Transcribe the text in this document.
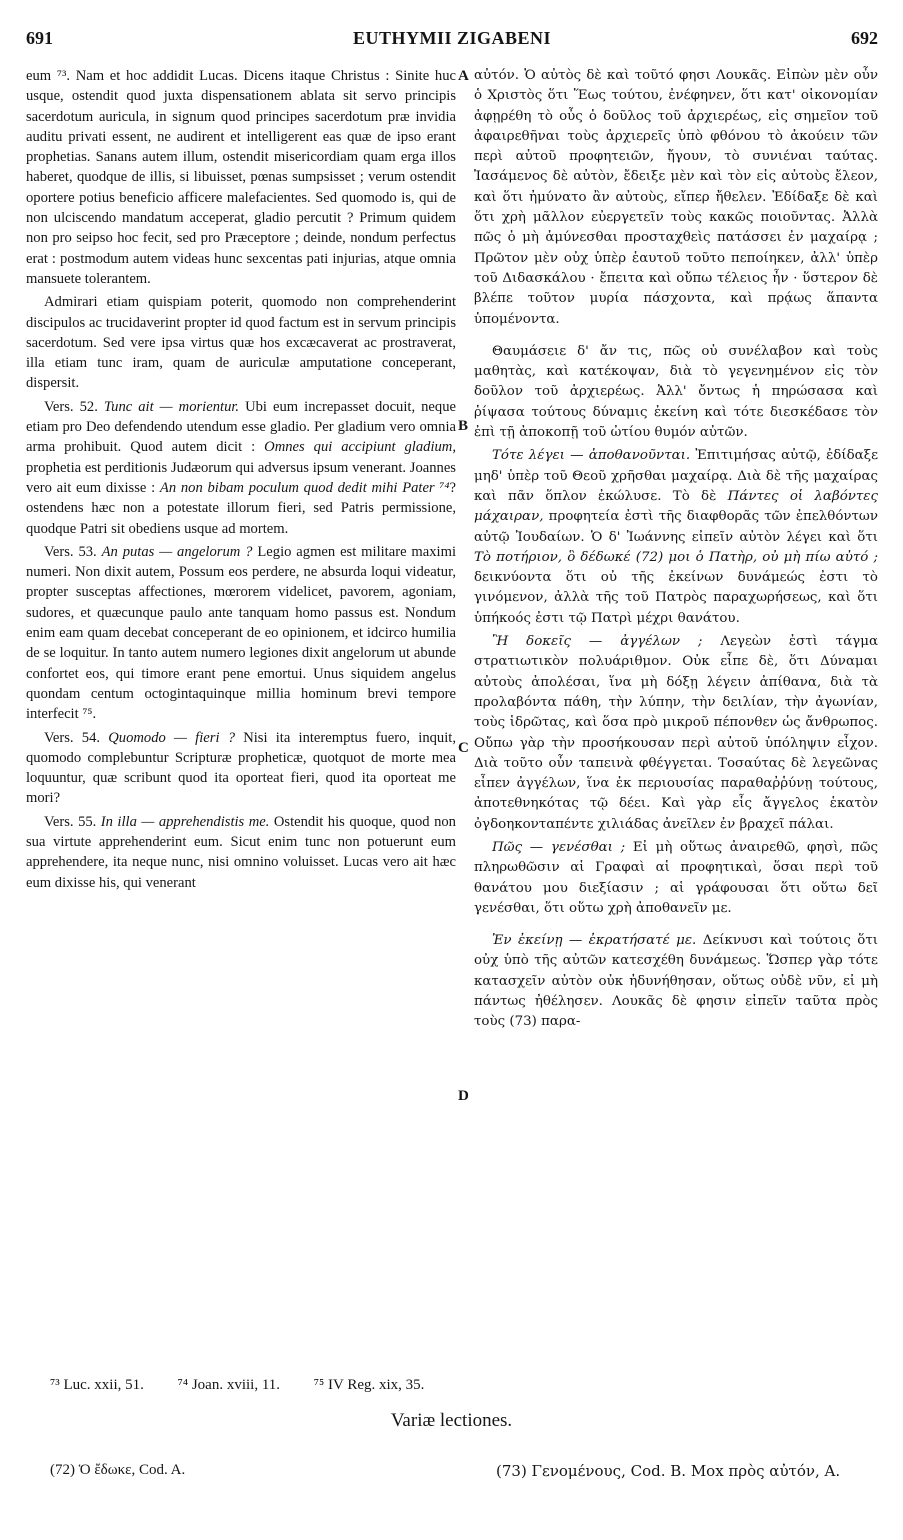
691	EUTHYMII ZIGABENI	692

eum ⁷³. Nam et hoc addidit Lucas. Dicens itaque Christus : Sinite huc usque, ostendit quod juxta dispensationem ablata sit servo principis sacerdotum auricula, in signum quod principes sacerdotum præ invidia auditu privati essent, ne audirent et intelligerent eas quæ de ipso erant prophetias. Sanans autem illum, ostendit misericordiam quam erga illos haberet, quodque de illis, si libuisset, pœnas sumpsisset ; verum ostendit oportere potius beneficio afficere malefacientes. Sed quomodo is, qui de non ulciscendo mandatum acceperat, gladio percutit ? Primum quidem non pro seipso hoc fecit, sed pro Præceptore ; deinde, nondum perfectus erat : postmodum autem videas hunc sexcentas pati injurias, atque omnia mansuete tolerantem.

Admirari etiam quispiam poterit, quomodo non comprehenderint discipulos ac trucidaverint propter id quod factum est in servum principis sacerdotum. Sed vere ipsa virtus quæ hos excæcaverat ac prostraverat, illa etiam tunc iram, quam de auriculæ amputatione conceperant, dispersit.

Vers. 52. Tunc ait — morientur. Ubi eum increpasset docuit, neque etiam pro Deo defendendo utendum esse gladio. Per gladium vero omnia arma prohibuit. Quod autem dicit : Omnes qui accipiunt gladium, prophetia est perditionis Judæorum qui adversus ipsum venerant. Joannes vero ait eum dixisse : An non bibam poculum quod dedit mihi Pater ⁷⁴? ostendens hæc non a potestate illorum fieri, sed Patris permissione, quodque Patri sit obediens usque ad mortem.

Vers. 53. An putas — angelorum ? Legio agmen est militare maximi numeri. Non dixit autem, Possum eos perdere, ne absurda loqui videatur, propter susceptas affectiones, mœrorem videlicet, pavorem, agoniam, sudores, et quæcunque paulo ante tanquam homo passus est. Nondum enim eam quam decebat conceperant de eo opinionem, et idcirco humilia de se loquitur. In tanto autem numero legiones dixit angelorum ut abunde confortet eos, qui timore erant pene emortui. Unus siquidem angelus quondam centum octogintaquinque millia hominum brevi tempore interfecit ⁷⁵.

Vers. 54. Quomodo — fieri ? Nisi ita interemptus fuero, inquit, quomodo complebuntur Scripturæ propheticæ, quotquot de morte mea loquuntur, quæ scribunt quod ita oporteat fieri, quod ita oporteat me mori?

Vers. 55. In illa — apprehendistis me. Ostendit his quoque, quod non sua virtute apprehenderint eum. Sicut enim tunc non potuerunt eum apprehendere, ita neque nunc, nisi omnino voluisset. Lucas vero ait hæc eum dixisse his, qui venerant

A
B
C
D

αὐτόν. Ὁ αὐτὸς δὲ καὶ τοῦτό φησι Λουκᾶς. Εἰπὼν μὲν οὖν ὁ Χριστὸς ὅτι Ἕως τούτου, ἐνέφηνεν, ὅτι κατ' οἰκονομίαν ἀφῃρέθη τὸ οὖς ὁ δοῦλος τοῦ ἀρχιερέως, εἰς σημεῖον τοῦ ἀφαιρεθῆναι τοὺς ἀρχιερεῖς ὑπὸ φθόνου τὸ ἀκούειν τῶν περὶ αὐτοῦ προφητειῶν, ἤγουν, τὸ συνιέναι ταύτας. Ἰασάμενος δὲ αὐτὸν, ἔδειξε μὲν καὶ τὸν εἰς αὐτοὺς ἔλεον, καὶ ὅτι ἠμύνατο ἂν αὐτοὺς, εἴπερ ἤθελεν. Ἐδίδαξε δὲ καὶ ὅτι χρὴ μᾶλλον εὐεργετεῖν τοὺς κακῶς ποιοῦντας. Ἀλλὰ πῶς ὁ μὴ ἀμύνεσθαι προσταχθεὶς πατάσσει ἐν μαχαίρᾳ ; Πρῶτον μὲν οὐχ ὑπὲρ ἑαυτοῦ τοῦτο πεποίηκεν, ἀλλ' ὑπὲρ τοῦ Διδασκάλου · ἔπειτα καὶ οὔπω τέλειος ἦν · ὕστερον δὲ βλέπε τοῦτον μυρία πάσχοντα, καὶ πρᾴως ἅπαντα ὑπομένοντα.

Θαυμάσειε δ' ἄν τις, πῶς οὐ συνέλαβον καὶ τοὺς μαθητὰς, καὶ κατέκοψαν, διὰ τὸ γεγενημένον εἰς τὸν δοῦλον τοῦ ἀρχιερέως. Ἀλλ' ὄντως ἡ πηρώσασα καὶ ῥίψασα τούτους δύναμις ἐκείνη καὶ τότε διεσκέδασε τὸν ἐπὶ τῇ ἀποκοπῇ τοῦ ὠτίου θυμόν αὐτῶν.

Τότε λέγει — ἀποθανοῦνται. Ἐπιτιμήσας αὐτῷ, ἐδίδαξε μηδ' ὑπὲρ τοῦ Θεοῦ χρῆσθαι μαχαίρᾳ. Διὰ δὲ τῆς μαχαίρας καὶ πᾶν ὅπλον ἐκώλυσε. Τὸ δὲ Πάντες οἱ λαβόντες μάχαιραν, προφητεία ἐστὶ τῆς διαφθορᾶς τῶν ἐπελθόντων αὐτῷ Ἰουδαίων. Ὁ δ' Ἰωάννης εἰπεῖν αὐτὸν λέγει καὶ ὅτι Τὸ ποτήριον, ὃ δέδωκέ (72) μοι ὁ Πατὴρ, οὐ μὴ πίω αὐτό ; δεικνύοντα ὅτι οὐ τῆς ἐκείνων δυνάμεώς ἐστι τὸ γινόμενον, ἀλλὰ τῆς τοῦ Πατρὸς παραχωρήσεως, καὶ ὅτι ὑπήκοός ἐστι τῷ Πατρὶ μέχρι θανάτου.

Ἢ δοκεῖς — ἀγγέλων ; Λεγεὼν ἐστὶ τάγμα στρατιωτικὸν πολυάριθμον. Οὐκ εἶπε δὲ, ὅτι Δύναμαι αὐτοὺς ἀπολέσαι, ἵνα μὴ δόξῃ λέγειν ἀπίθανα, διὰ τὰ προλαβόντα πάθη, τὴν λύπην, τὴν δειλίαν, τὴν ἀγωνίαν, τοὺς ἱδρῶτας, καὶ ὅσα πρὸ μικροῦ πέπονθεν ὡς ἄνθρωπος. Οὔπω γὰρ τὴν προσήκουσαν περὶ αὐτοῦ ὑπόληψιν εἶχον. Διὰ τοῦτο οὖν ταπεινὰ φθέγγεται. Τοσαύτας δὲ λεγεῶνας εἶπεν ἀγγέλων, ἵνα ἐκ περιουσίας παραθαῤῥύνῃ τούτους, ἀποτεθνηκότας τῷ δέει. Καὶ γὰρ εἷς ἄγγελος ἑκατὸν ὀγδοηκονταπέντε χιλιάδας ἀνεῖλεν ἐν βραχεῖ πάλαι.

Πῶς — γενέσθαι ; Εἰ μὴ οὕτως ἀναιρεθῶ, φησὶ, πῶς πληρωθῶσιν αἱ Γραφαὶ αἱ προφητικαὶ, ὅσαι περὶ τοῦ θανάτου μου διεξίασιν ; αἱ γράφουσαι ὅτι οὕτω δεῖ γενέσθαι, ὅτι οὕτω χρὴ ἀποθανεῖν με.

Ἐν ἐκείνῃ — ἐκρατήσατέ με. Δείκνυσι καὶ τούτοις ὅτι οὐχ ὑπὸ τῆς αὐτῶν κατεσχέθη δυνάμεως. Ὥσπερ γὰρ τότε κατασχεῖν αὐτὸν οὐκ ἠδυνήθησαν, οὕτως οὐδὲ νῦν, εἰ μὴ πάντως ἠθέλησεν. Λουκᾶς δὲ φησιν εἰπεῖν ταῦτα πρὸς τοὺς (73) παρα-

⁷³ Luc. xxii, 51. ⁷⁴ Joan. xviii, 11. ⁷⁵ IV Reg. xix, 35.
Variæ lectiones.
(72) Ὁ ἔδωκε, Cod. A.	(73) Γενομένους, Cod. B. Mox πρὸς αὐτόν, A.
